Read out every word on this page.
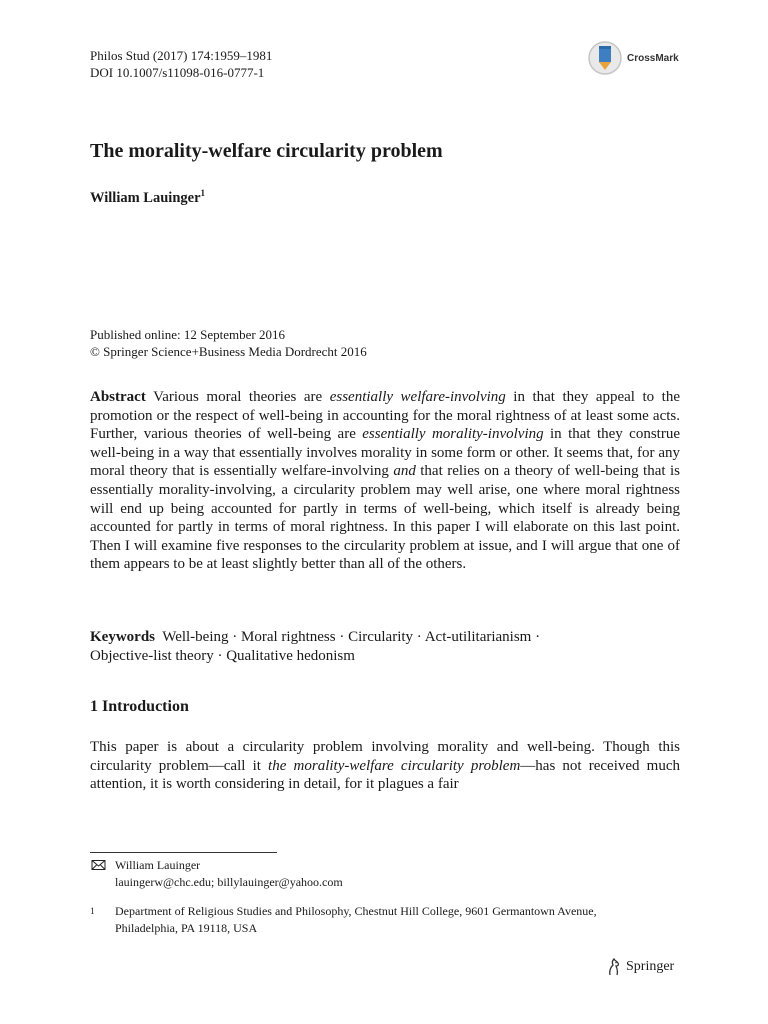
Philos Stud (2017) 174:1959–1981
DOI 10.1007/s11098-016-0777-1
CrossMark
The morality-welfare circularity problem
William Lauinger$^1$
Published online: 12 September 2016
© Springer Science+Business Media Dordrecht 2016

Abstract Various moral theories are essentially welfare-involving in that they appeal to the promotion or the respect of well-being in accounting for the moral rightness of at least some acts. Further, various theories of well-being are essentially morality-involving in that they construe well-being in a way that essentially involves morality in some form or other. It seems that, for any moral theory that is essentially welfare-involving and that relies on a theory of well-being that is essentially morality-involving, a circularity problem may well arise, one where moral rightness will end up being accounted for partly in terms of well-being, which itself is already being accounted for partly in terms of moral rightness. In this paper I will elaborate on this last point. Then I will examine five responses to the circularity problem at issue, and I will argue that one of them appears to be at least slightly better than all of the others.

Keywords Well-being · Moral rightness · Circularity · Act-utilitarianism ·
Objective-list theory · Qualitative hedonism
1 Introduction

This paper is about a circularity problem involving morality and well-being. Though this circularity problem—call it the morality-welfare circularity problem—has not received much attention, it is worth considering in detail, for it plagues a fair

William Lauinger
lauingerw@chc.edu; billylauinger@yahoo.com
1	Department of Religious Studies and Philosophy, Chestnut Hill College, 9601 Germantown Avenue, Philadelphia, PA 19118, USA
Springer
